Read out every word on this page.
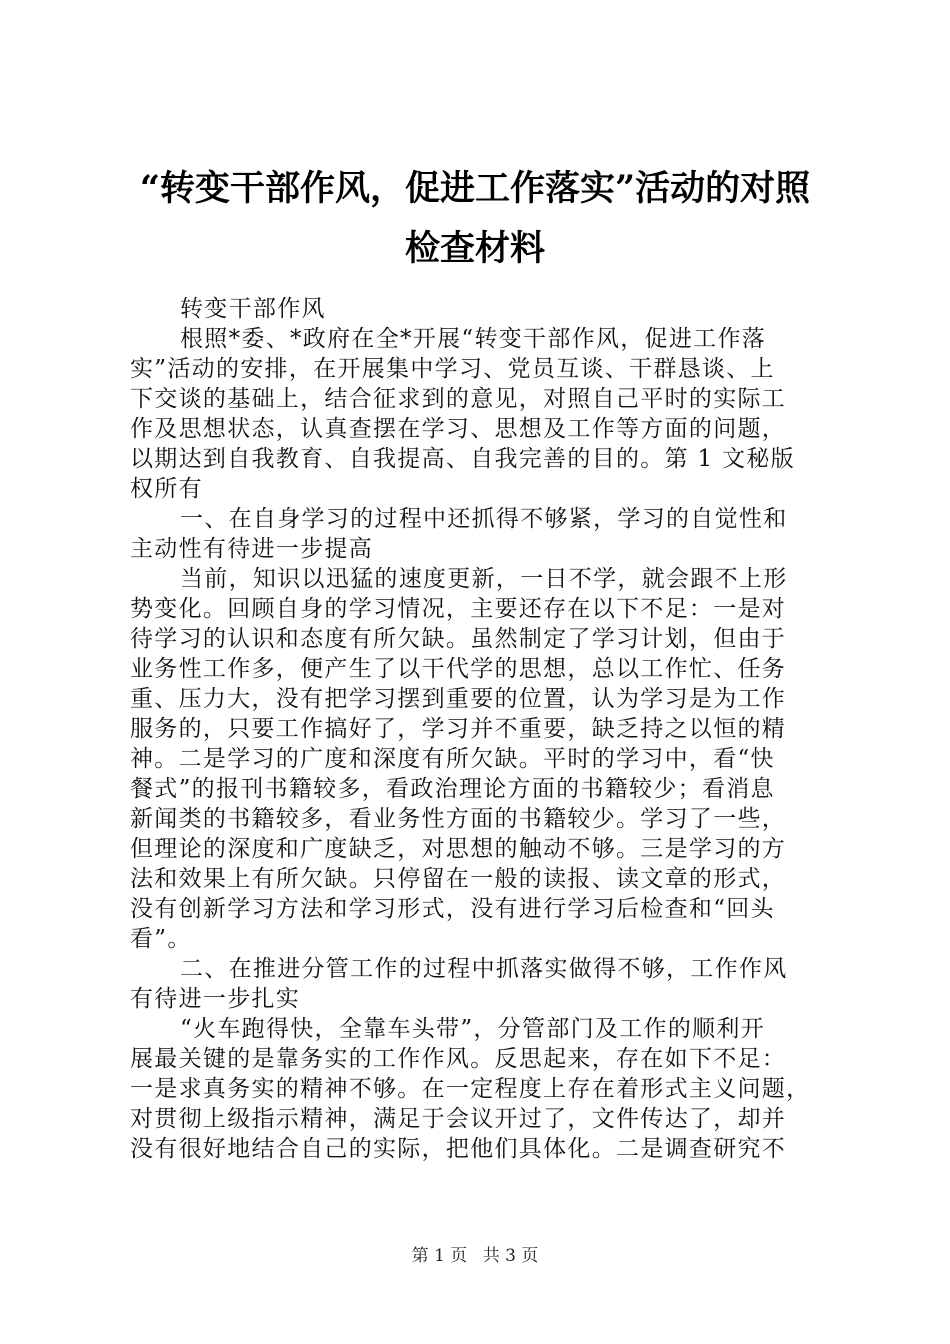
“转变干部作风，促进工作落实”活动的对照
检查材料
转变干部作风
根照*委、*政府在全*开展“转变干部作风，促进工作落
实”活动的安排，在开展集中学习、党员互谈、干群恳谈、上
下交谈的基础上，结合征求到的意见，对照自己平时的实际工
作及思想状态，认真查摆在学习、思想及工作等方面的问题，
以期达到自我教育、自我提高、自我完善的目的。第 1 文秘版
权所有
一、在自身学习的过程中还抓得不够紧，学习的自觉性和
主动性有待进一步提高
当前，知识以迅猛的速度更新，一日不学，就会跟不上形
势变化。回顾自身的学习情况，主要还存在以下不足：一是对
待学习的认识和态度有所欠缺。虽然制定了学习计划，但由于
业务性工作多，便产生了以干代学的思想，总以工作忙、任务
重、压力大，没有把学习摆到重要的位置，认为学习是为工作
服务的，只要工作搞好了，学习并不重要，缺乏持之以恒的精
神。二是学习的广度和深度有所欠缺。平时的学习中，看“快
餐式”的报刊书籍较多，看政治理论方面的书籍较少；看消息
新闻类的书籍较多，看业务性方面的书籍较少。学习了一些，
但理论的深度和广度缺乏，对思想的触动不够。三是学习的方
法和效果上有所欠缺。只停留在一般的读报、读文章的形式，
没有创新学习方法和学习形式，没有进行学习后检查和“回头
看”。
二、在推进分管工作的过程中抓落实做得不够，工作作风
有待进一步扎实
“火车跑得快，全靠车头带”，分管部门及工作的顺利开
展最关键的是靠务实的工作作风。反思起来，存在如下不足：
一是求真务实的精神不够。在一定程度上存在着形式主义问题，
对贯彻上级指示精神，满足于会议开过了，文件传达了，却并
没有很好地结合自己的实际，把他们具体化。二是调查研究不
第 1 页 共 3 页
